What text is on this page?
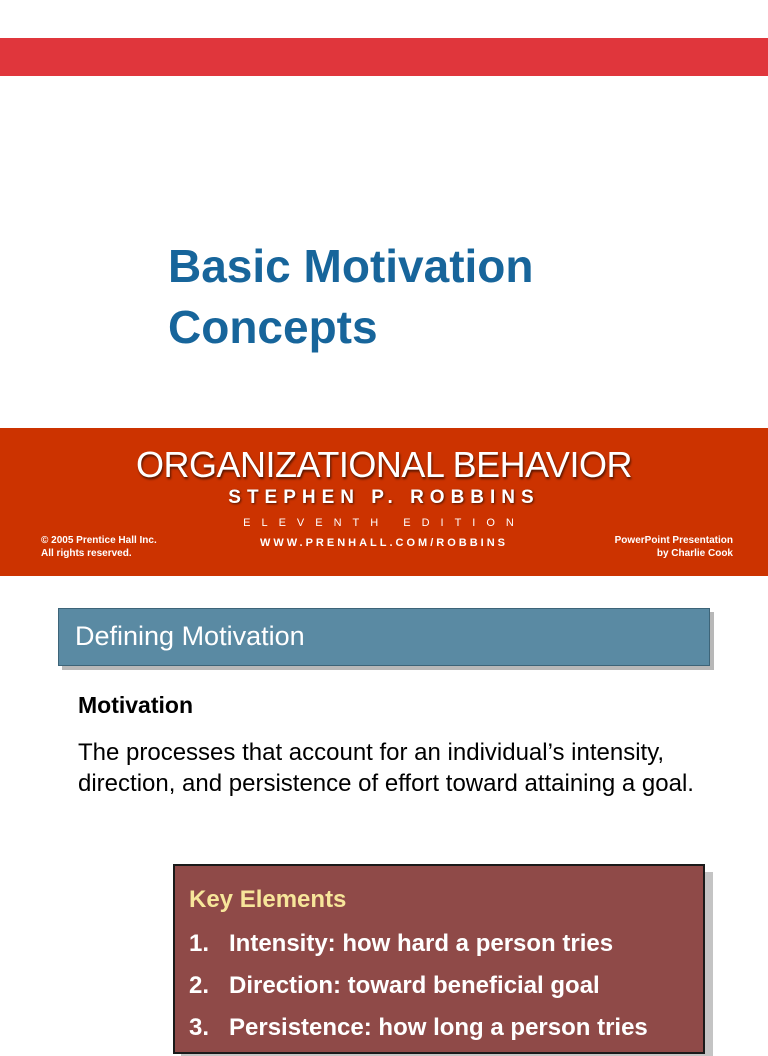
Basic Motivation
Concepts
ORGANIZATIONAL BEHAVIOR
STEPHEN P. ROBBINS
ELEVENTH EDITION
WWW.PRENHALL.COM/ROBBINS
© 2005 Prentice Hall Inc.
All rights reserved.
PowerPoint Presentation
by Charlie Cook
Defining Motivation
Motivation
The processes that account for an individual’s intensity, direction, and persistence of effort toward attaining a goal.
Key Elements
1. Intensity: how hard a person tries
2. Direction: toward beneficial goal
3. Persistence: how long a person tries
